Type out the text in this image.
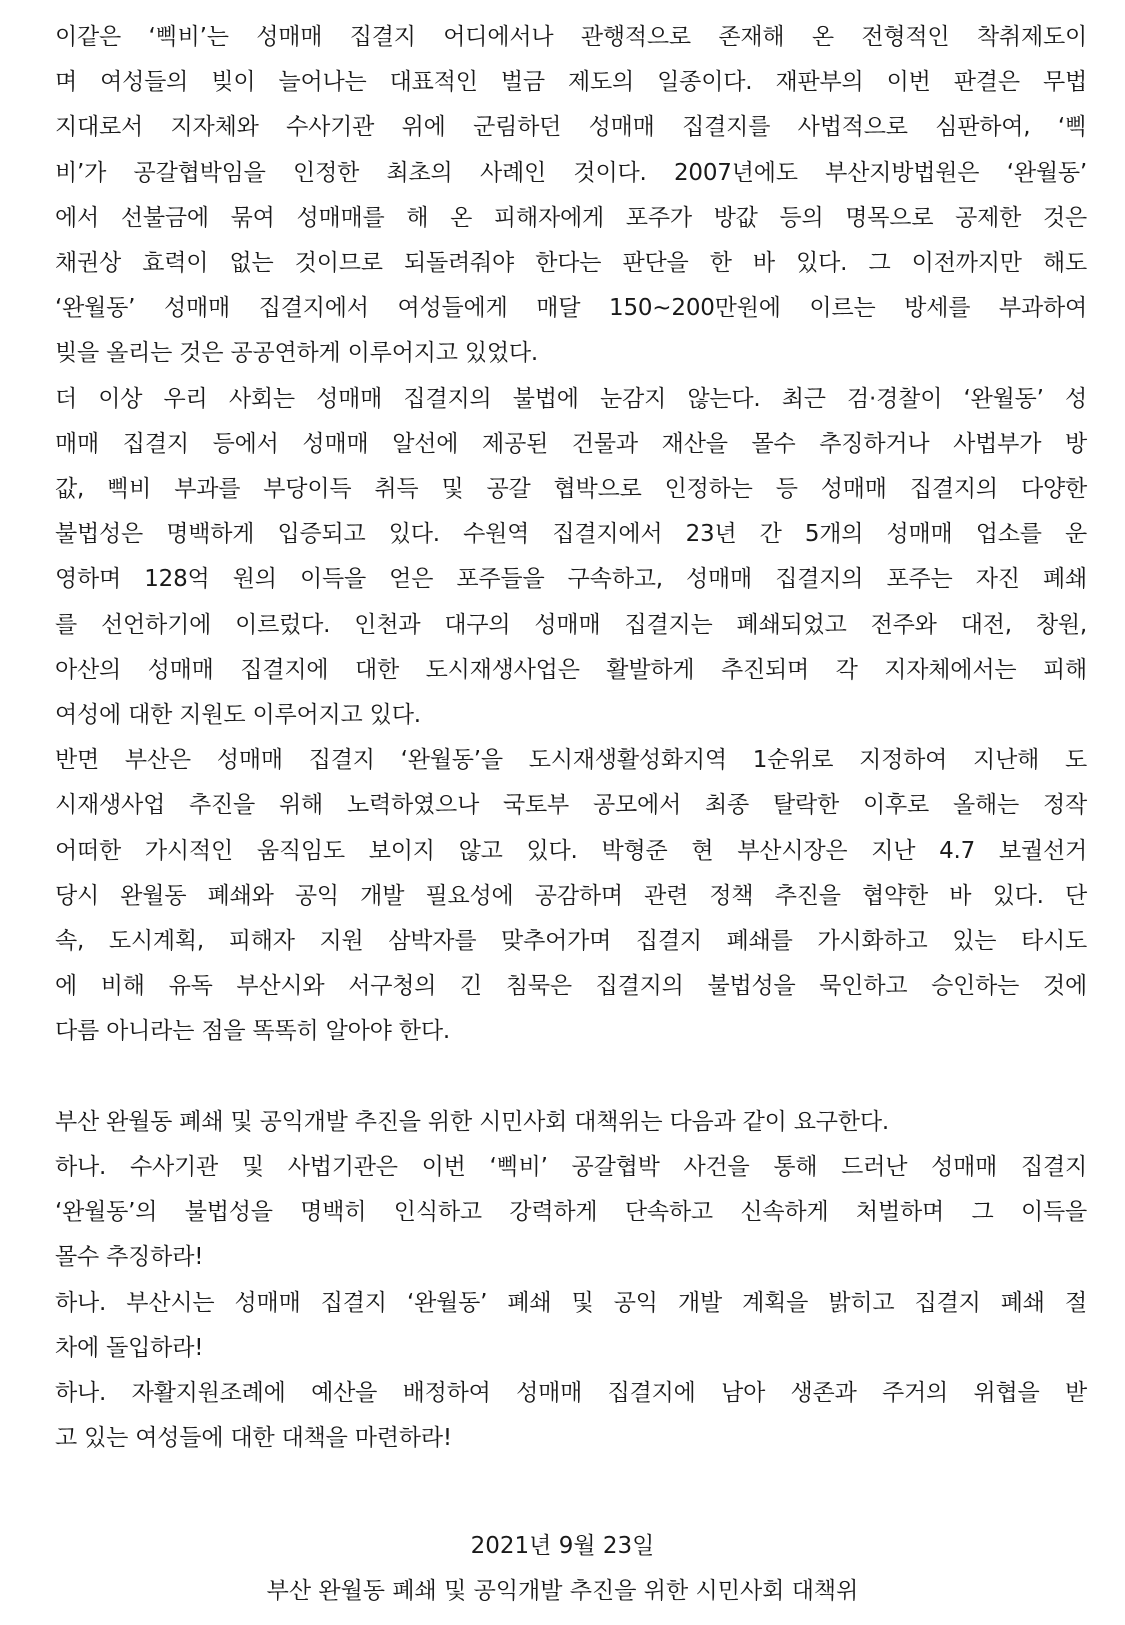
이같은 ‘삑비’는 성매매 집결지 어디에서나 관행적으로 존재해 온 전형적인 착취제도이
며 여성들의 빚이 늘어나는 대표적인 벌금 제도의 일종이다. 재판부의 이번 판결은 무법
지대로서 지자체와 수사기관 위에 군림하던 성매매 집결지를 사법적으로 심판하여, ‘삑
비’가 공갈협박임을 인정한 최초의 사례인 것이다. 2007년에도 부산지방법원은 ‘완월동’
에서 선불금에 묶여 성매매를 해 온 피해자에게 포주가 방값 등의 명목으로 공제한 것은
채권상 효력이 없는 것이므로 되돌려줘야 한다는 판단을 한 바 있다. 그 이전까지만 해도
‘완월동’ 성매매 집결지에서 여성들에게 매달 150~200만원에 이르는 방세를 부과하여
빚을 올리는 것은 공공연하게 이루어지고 있었다.
더 이상 우리 사회는 성매매 집결지의 불법에 눈감지 않는다. 최근 검·경찰이 ‘완월동’ 성
매매 집결지 등에서 성매매 알선에 제공된 건물과 재산을 몰수 추징하거나 사법부가 방
값, 삑비 부과를 부당이득 취득 및 공갈 협박으로 인정하는 등 성매매 집결지의 다양한
불법성은 명백하게 입증되고 있다. 수원역 집결지에서 23년 간 5개의 성매매 업소를 운
영하며 128억 원의 이득을 얻은 포주들을 구속하고, 성매매 집결지의 포주는 자진 폐쇄
를 선언하기에 이르렀다. 인천과 대구의 성매매 집결지는 폐쇄되었고 전주와 대전, 창원,
아산의 성매매 집결지에 대한 도시재생사업은 활발하게 추진되며 각 지자체에서는 피해
여성에 대한 지원도 이루어지고 있다.
반면 부산은 성매매 집결지 ‘완월동’을 도시재생활성화지역 1순위로 지정하여 지난해 도
시재생사업 추진을 위해 노력하였으나 국토부 공모에서 최종 탈락한 이후로 올해는 정작
어떠한 가시적인 움직임도 보이지 않고 있다. 박형준 현 부산시장은 지난 4.7 보궐선거
당시 완월동 폐쇄와 공익 개발 필요성에 공감하며 관련 정책 추진을 협약한 바 있다. 단
속, 도시계획, 피해자 지원 삼박자를 맞추어가며 집결지 폐쇄를 가시화하고 있는 타시도
에 비해 유독 부산시와 서구청의 긴 침묵은 집결지의 불법성을 묵인하고 승인하는 것에
다름 아니라는 점을 똑똑히 알아야 한다.
부산 완월동 폐쇄 및 공익개발 추진을 위한 시민사회 대책위는 다음과 같이 요구한다.
하나. 수사기관 및 사법기관은 이번 ‘삑비’ 공갈협박 사건을 통해 드러난 성매매 집결지
‘완월동’의 불법성을 명백히 인식하고 강력하게 단속하고 신속하게 처벌하며 그 이득을
몰수 추징하라!
하나. 부산시는 성매매 집결지 ‘완월동’ 폐쇄 및 공익 개발 계획을 밝히고 집결지 폐쇄 절
차에 돌입하라!
하나. 자활지원조례에 예산을 배정하여 성매매 집결지에 남아 생존과 주거의 위협을 받
고 있는 여성들에 대한 대책을 마련하라!
2021년 9월 23일
부산 완월동 폐쇄 및 공익개발 추진을 위한 시민사회 대책위
